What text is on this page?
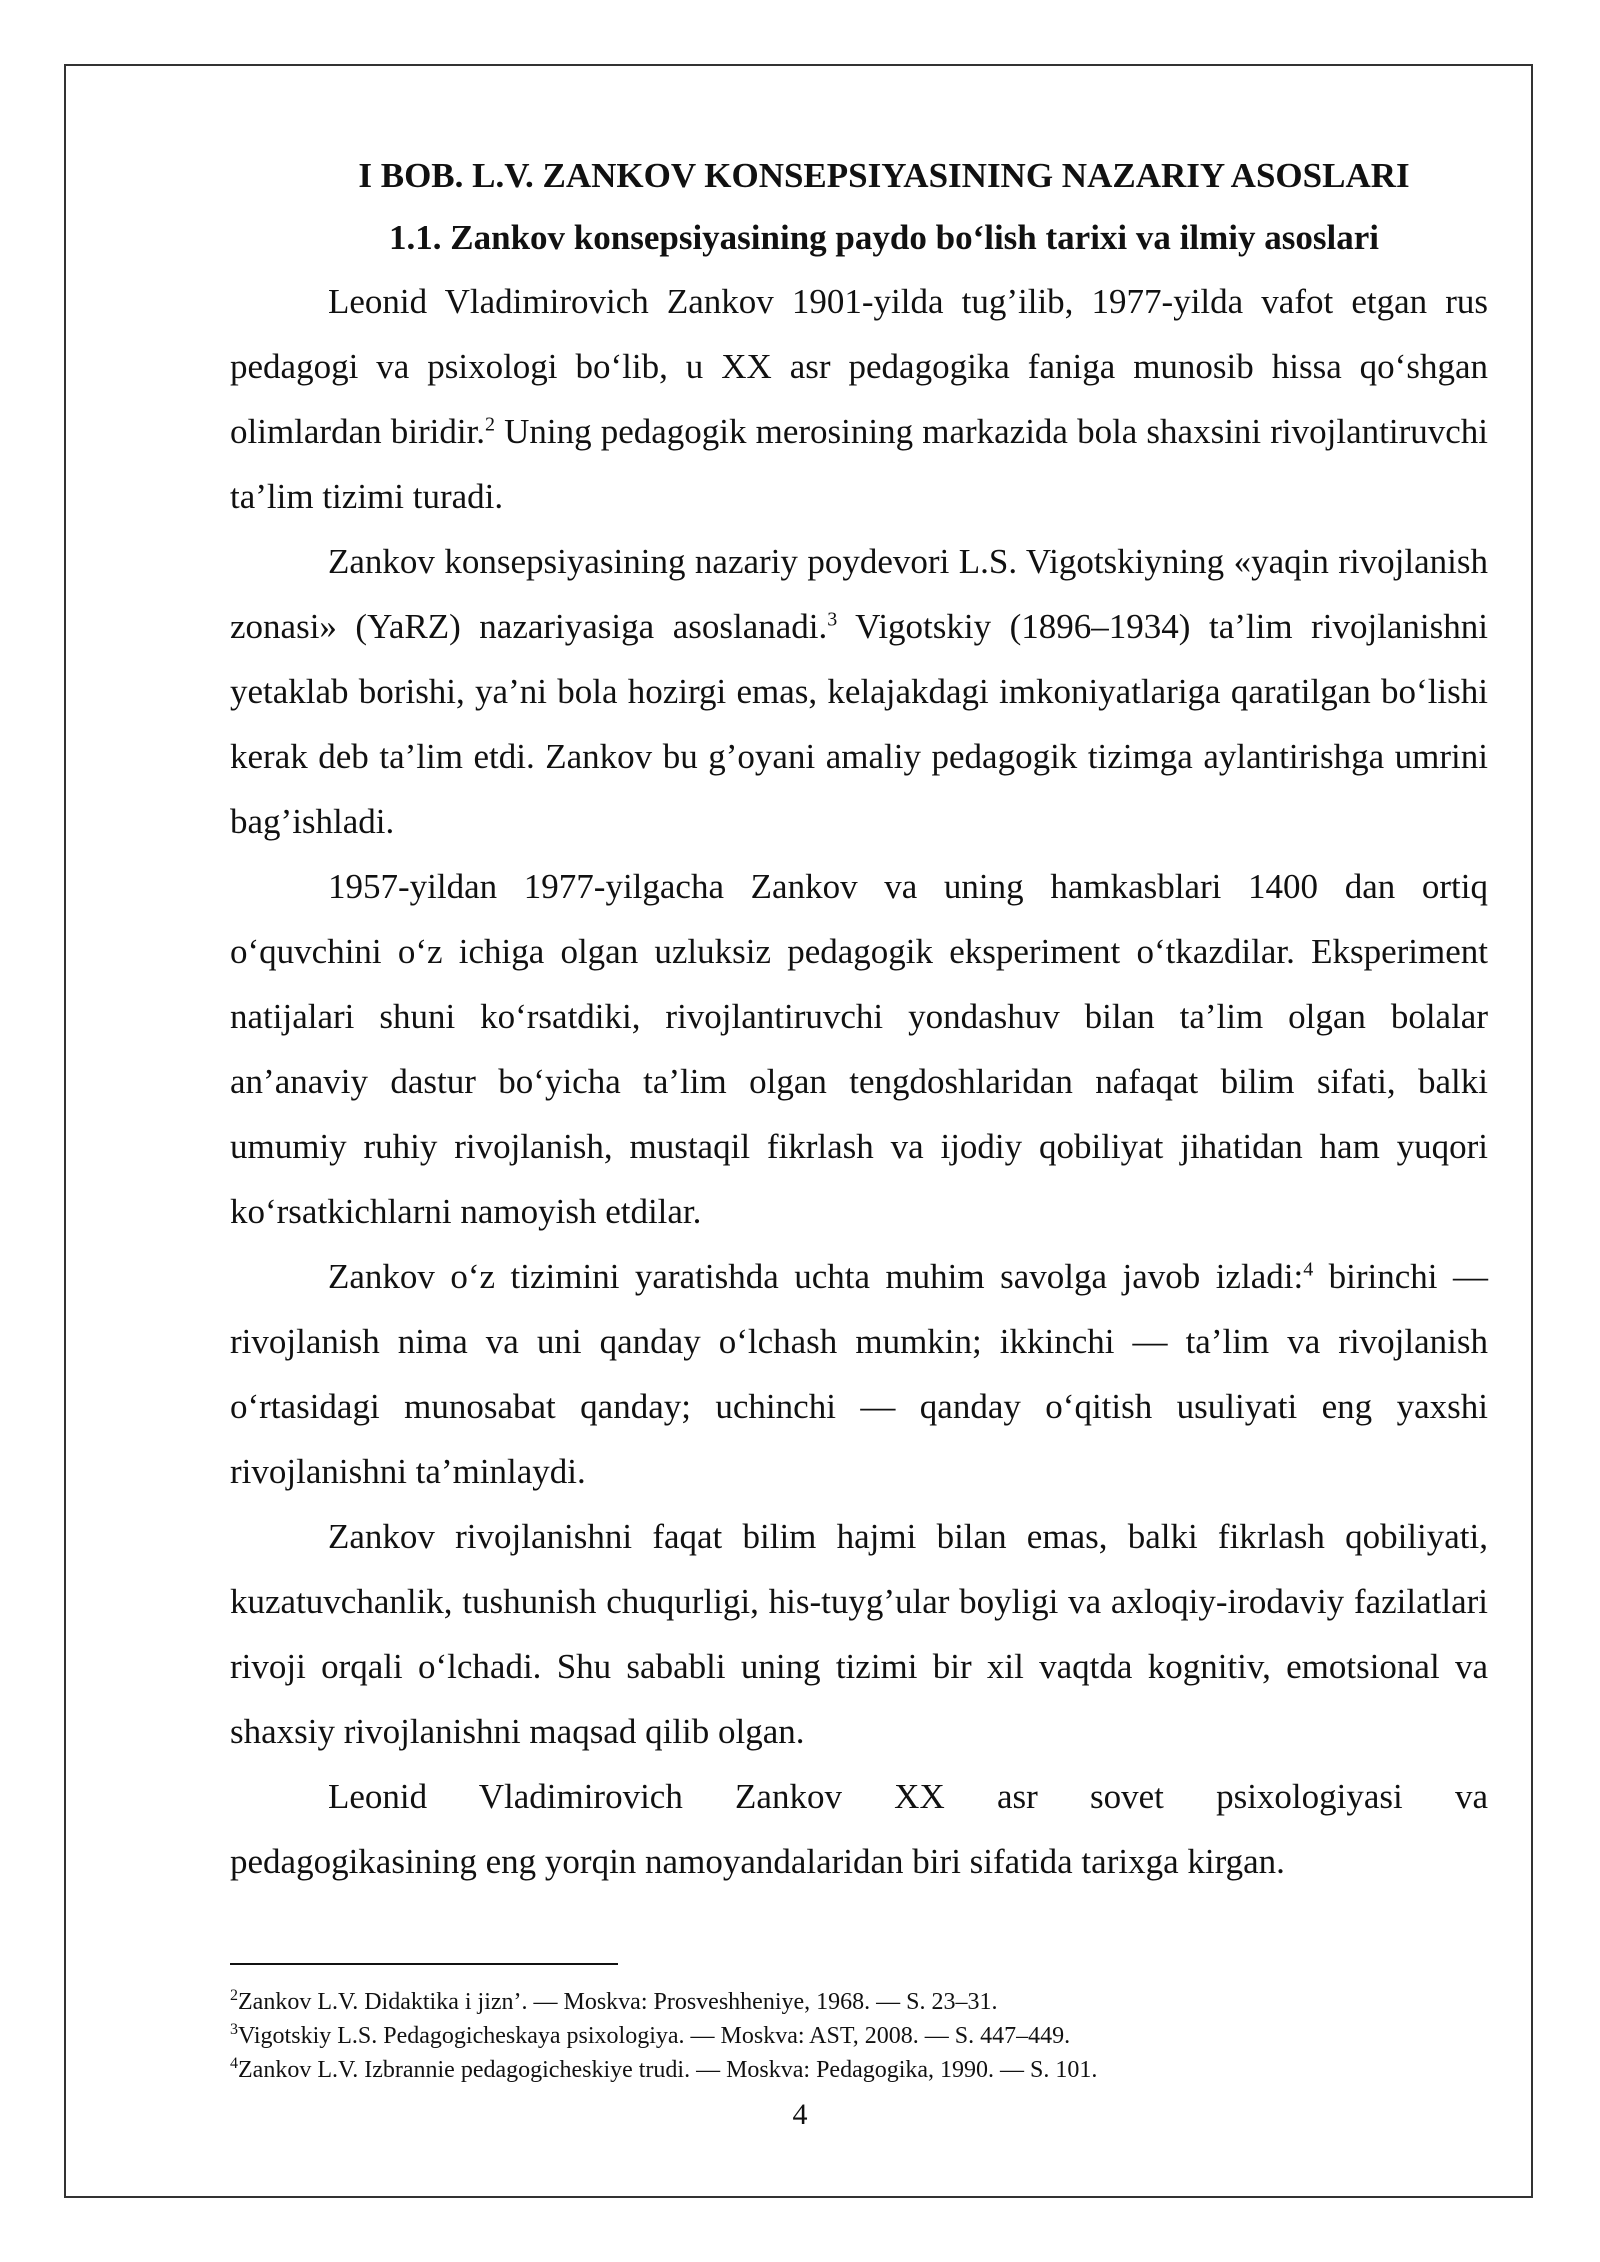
I BOB. L.V. ZANKOV KONSEPSIYASINING NAZARIY ASOSLARI
1.1. Zankov konsepsiyasining paydo bo‘lish tarixi va ilmiy asoslari

Leonid Vladimirovich Zankov 1901-yilda tug’ilib, 1977-yilda vafot etgan rus pedagogi va psixologi bo‘lib, u XX asr pedagogika faniga munosib hissa qo‘shgan olimlardan biridir.$^2$ Uning pedagogik merosining markazida bola shaxsini rivojlantiruvchi ta’lim tizimi turadi.

Zankov konsepsiyasining nazariy poydevori L.S. Vigotskiyning «yaqin rivojlanish zonasi» (YaRZ) nazariyasiga asoslanadi.$^3$ Vigotskiy (1896–1934) ta’lim rivojlanishni yetaklab borishi, ya’ni bola hozirgi emas, kelajakdagi imkoniyatlariga qaratilgan bo‘lishi kerak deb ta’lim etdi. Zankov bu g’oyani amaliy pedagogik tizimga aylantirishga umrini bag’ishladi.

1957-yildan 1977-yilgacha Zankov va uning hamkasblari 1400 dan ortiq o‘quvchini o‘z ichiga olgan uzluksiz pedagogik eksperiment o‘tkazdilar. Eksperiment natijalari shuni ko‘rsatdiki, rivojlantiruvchi yondashuv bilan ta’lim olgan bolalar an’anaviy dastur bo‘yicha ta’lim olgan tengdoshlaridan nafaqat bilim sifati, balki umumiy ruhiy rivojlanish, mustaqil fikrlash va ijodiy qobiliyat jihatidan ham yuqori ko‘rsatkichlarni namoyish etdilar.

Zankov o‘z tizimini yaratishda uchta muhim savolga javob izladi:$^4$ birinchi — rivojlanish nima va uni qanday o‘lchash mumkin; ikkinchi — ta’lim va rivojlanish o‘rtasidagi munosabat qanday; uchinchi — qanday o‘qitish usuliyati eng yaxshi rivojlanishni ta’minlaydi.

Zankov rivojlanishni faqat bilim hajmi bilan emas, balki fikrlash qobiliyati, kuzatuvchanlik, tushunish chuqurligi, his-tuyg’ular boyligi va axloqiy-irodaviy fazilatlari rivoji orqali o‘lchadi. Shu sababli uning tizimi bir xil vaqtda kognitiv, emotsional va shaxsiy rivojlanishni maqsad qilib olgan.

Leonid Vladimirovich Zankov XX asr sovet psixologiyasi va

pedagogikasining eng yorqin namoyandalaridan biri sifatida tarixga kirgan.

$^2$Zankov L.V. Didaktika i jizn’. — Moskva: Prosveshheniye, 1968. — S. 23–31.

$^3$Vigotskiy L.S. Pedagogicheskaya psixologiya. — Moskva: AST, 2008. — S. 447–449.

$^4$Zankov L.V. Izbrannie pedagogicheskiye trudi. — Moskva: Pedagogika, 1990. — S. 101.

4
